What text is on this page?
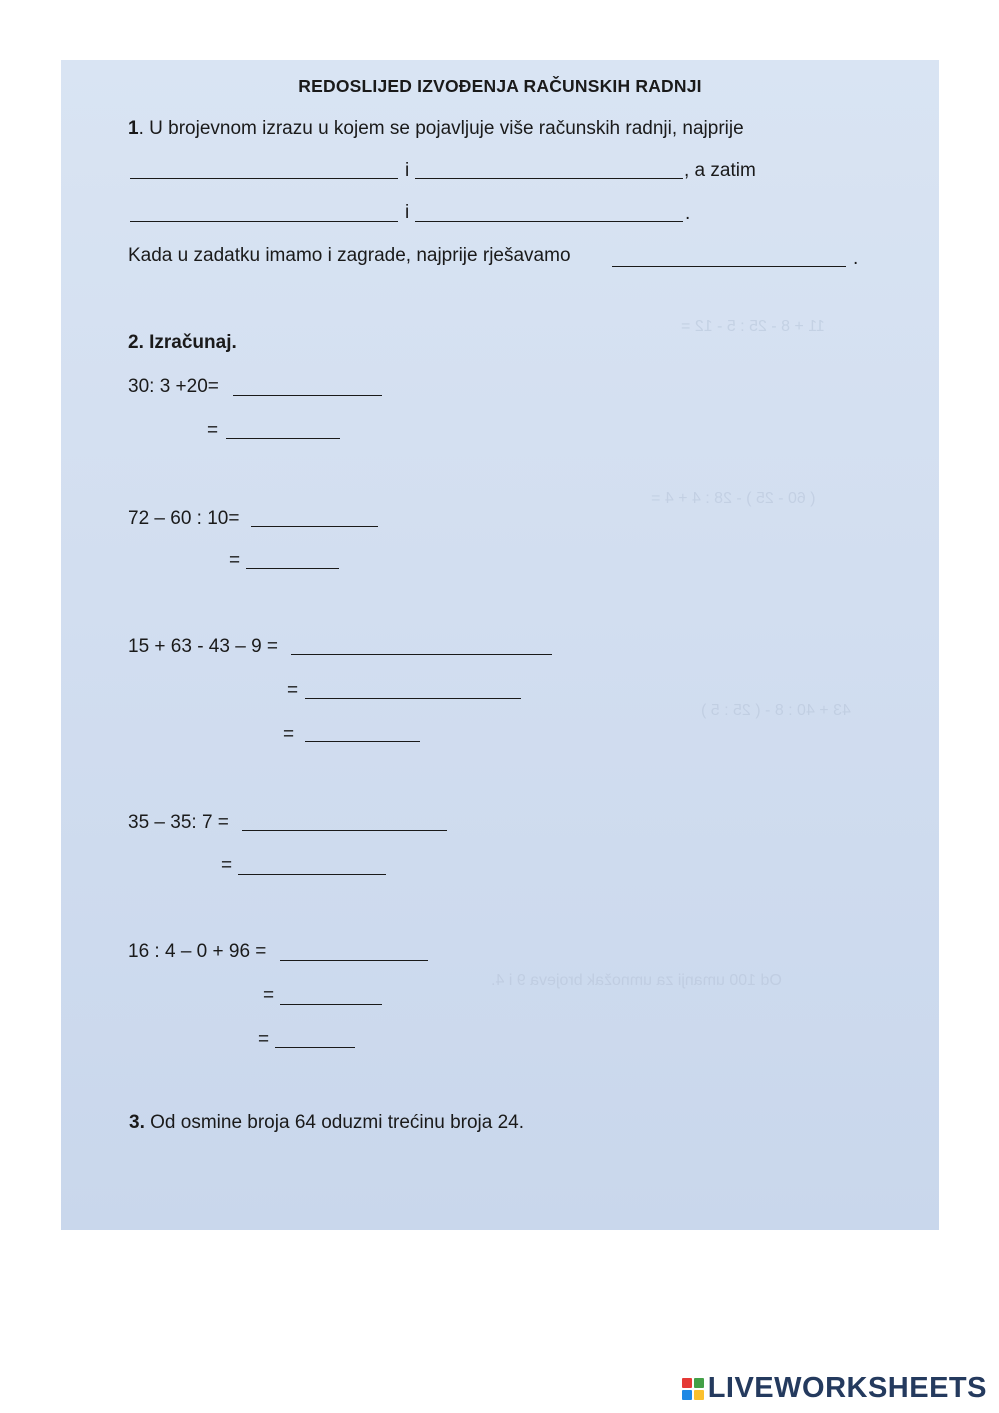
11 + 8 - 25 : 5 - 12 =
( 60 - 25 ) - 28 : 4 + 4 =
43 + 40 : 8 - ( 25 : 5 )
Od 100 umanji za umnožak brojeva 9 i 4.
REDOSLIJED IZVOĐENJA RAČUNSKIH RADNJI
1. U brojevnom izrazu u kojem se pojavljuje više računskih radnji, najprije
i	, a zatim
i	.
Kada u zadatku imamo i zagrade, najprije rješavamo	.
2. Izračunaj.
30: 3 +20=
=
72 – 60 : 10=
=
15 + 63 - 43 – 9 =
=
=
35 – 35: 7 =
=
16 : 4 – 0 + 96 =
=
=
3. Od osmine broja 64 oduzmi trećinu broja 24.
LIVEWORKSHEETS
